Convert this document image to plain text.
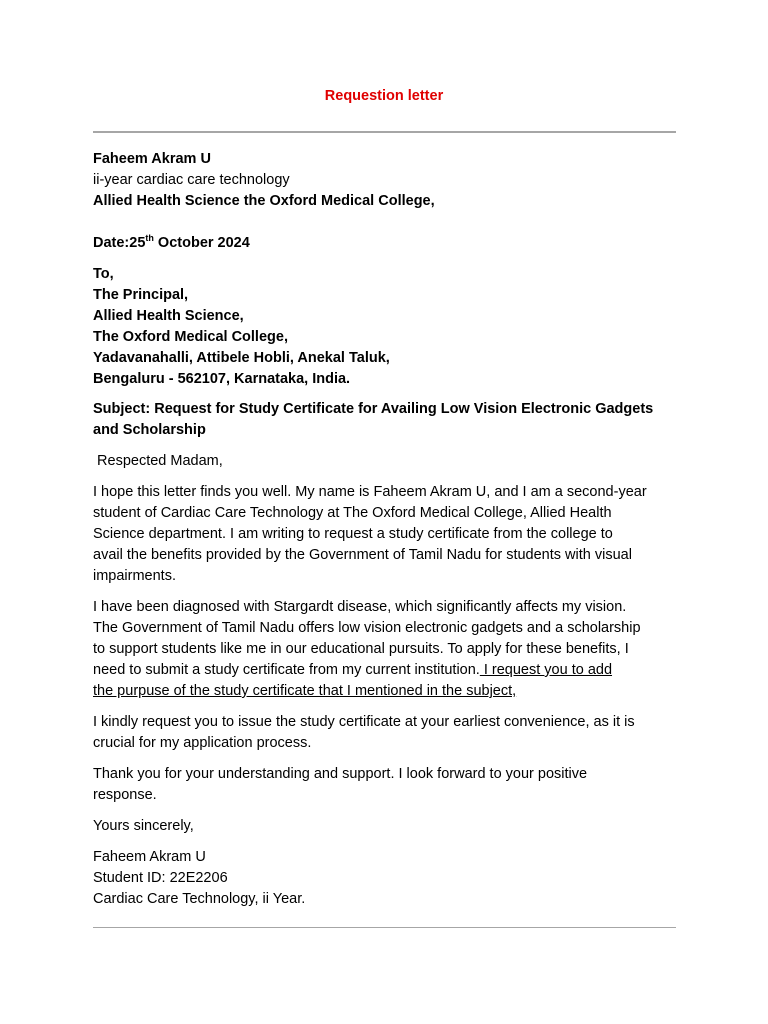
Requestion letter

Faheem Akram U

ii-year cardiac care technology

Allied Health Science the Oxford Medical College,

Date:25th October 2024

To,

The Principal,

Allied Health Science,

The Oxford Medical College,

Yadavanahalli, Attibele Hobli, Anekal Taluk,

Bengaluru - 562107, Karnataka, India.

Subject: Request for Study Certificate for Availing Low Vision Electronic Gadgets

and Scholarship

Respected Madam,

I hope this letter finds you well. My name is Faheem Akram U, and I am a second-year

student of Cardiac Care Technology at The Oxford Medical College, Allied Health

Science department. I am writing to request a study certificate from the college to

avail the benefits provided by the Government of Tamil Nadu for students with visual

impairments.

I have been diagnosed with Stargardt disease, which significantly affects my vision.

The Government of Tamil Nadu offers low vision electronic gadgets and a scholarship

to support students like me in our educational pursuits. To apply for these benefits, I

need to submit a study certificate from my current institution. I request you to add

the purpuse of the study certificate that I mentioned in the subject,

I kindly request you to issue the study certificate at your earliest convenience, as it is

crucial for my application process.

Thank you for your understanding and support. I look forward to your positive

response.

Yours sincerely,

Faheem Akram U

Student ID: 22E2206

Cardiac Care Technology, ii Year.
